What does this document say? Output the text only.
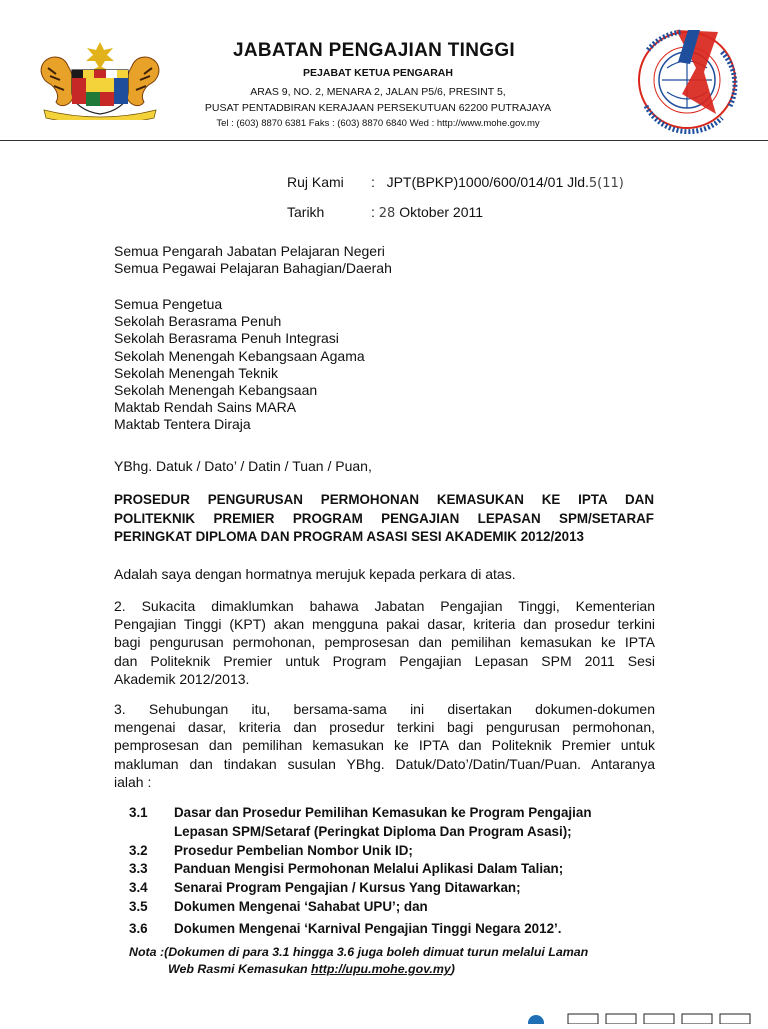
JABATAN PENGAJIAN TINGGI
PEJABAT KETUA PENGARAH
ARAS 9, NO. 2, MENARA 2, JALAN P5/6, PRESINT 5,
PUSAT PENTADBIRAN KERAJAAN PERSEKUTUAN 62200 PUTRAJAYA
Tel : (603) 8870 6381 Faks : (603) 8870 6840 Wed : http://www.mohe.gov.my
Ruj Kami : JPT(BPKP)1000/600/014/01 Jld.5(11)
Tarikh	: 28 Oktober 2011
Semua Pengarah Jabatan Pelajaran Negeri
Semua Pegawai Pelajaran Bahagian/Daerah
Semua Pengetua
Sekolah Berasrama Penuh
Sekolah Berasrama Penuh Integrasi
Sekolah Menengah Kebangsaan Agama
Sekolah Menengah Teknik
Sekolah Menengah Kebangsaan
Maktab Rendah Sains MARA
Maktab Tentera Diraja
YBhg. Datuk / Dato’ / Datin / Tuan / Puan,
PROSEDUR PENGURUSAN PERMOHONAN KEMASUKAN KE IPTA DAN
POLITEKNIK PREMIER PROGRAM PENGAJIAN LEPASAN SPM/SETARAF
PERINGKAT DIPLOMA DAN PROGRAM ASASI SESI AKADEMIK 2012/2013
Adalah saya dengan hormatnya merujuk kepada perkara di atas.
2. Sukacita dimaklumkan bahawa Jabatan Pengajian Tinggi, Kementerian
Pengajian Tinggi (KPT) akan mengguna pakai dasar, kriteria dan prosedur terkini
bagi pengurusan permohonan, pemprosesan dan pemilihan kemasukan ke IPTA
dan Politeknik Premier untuk Program Pengajian Lepasan SPM 2011 Sesi
Akademik 2012/2013.
3. Sehubungan itu, bersama-sama ini disertakan dokumen-dokumen
mengenai dasar, kriteria dan prosedur terkini bagi pengurusan permohonan,
pemprosesan dan pemilihan kemasukan ke IPTA dan Politeknik Premier untuk
makluman dan tindakan susulan YBhg. Datuk/Dato’/Datin/Tuan/Puan. Antaranya
ialah :
3.1 Dasar dan Prosedur Pemilihan Kemasukan ke Program Pengajian
Lepasan SPM/Setaraf (Peringkat Diploma Dan Program Asasi);
3.2 Prosedur Pembelian Nombor Unik ID;
3.3 Panduan Mengisi Permohonan Melalui Aplikasi Dalam Talian;
3.4 Senarai Program Pengajian / Kursus Yang Ditawarkan;
3.5 Dokumen Mengenai ‘Sahabat UPU’; dan
3.6 Dokumen Mengenai ‘Karnival Pengajian Tinggi Negara 2012’.
Nota :(Dokumen di para 3.1 hingga 3.6 juga boleh dimuat turun melalui Laman
Web Rasmi Kemasukan http://upu.mohe.gov.my)
